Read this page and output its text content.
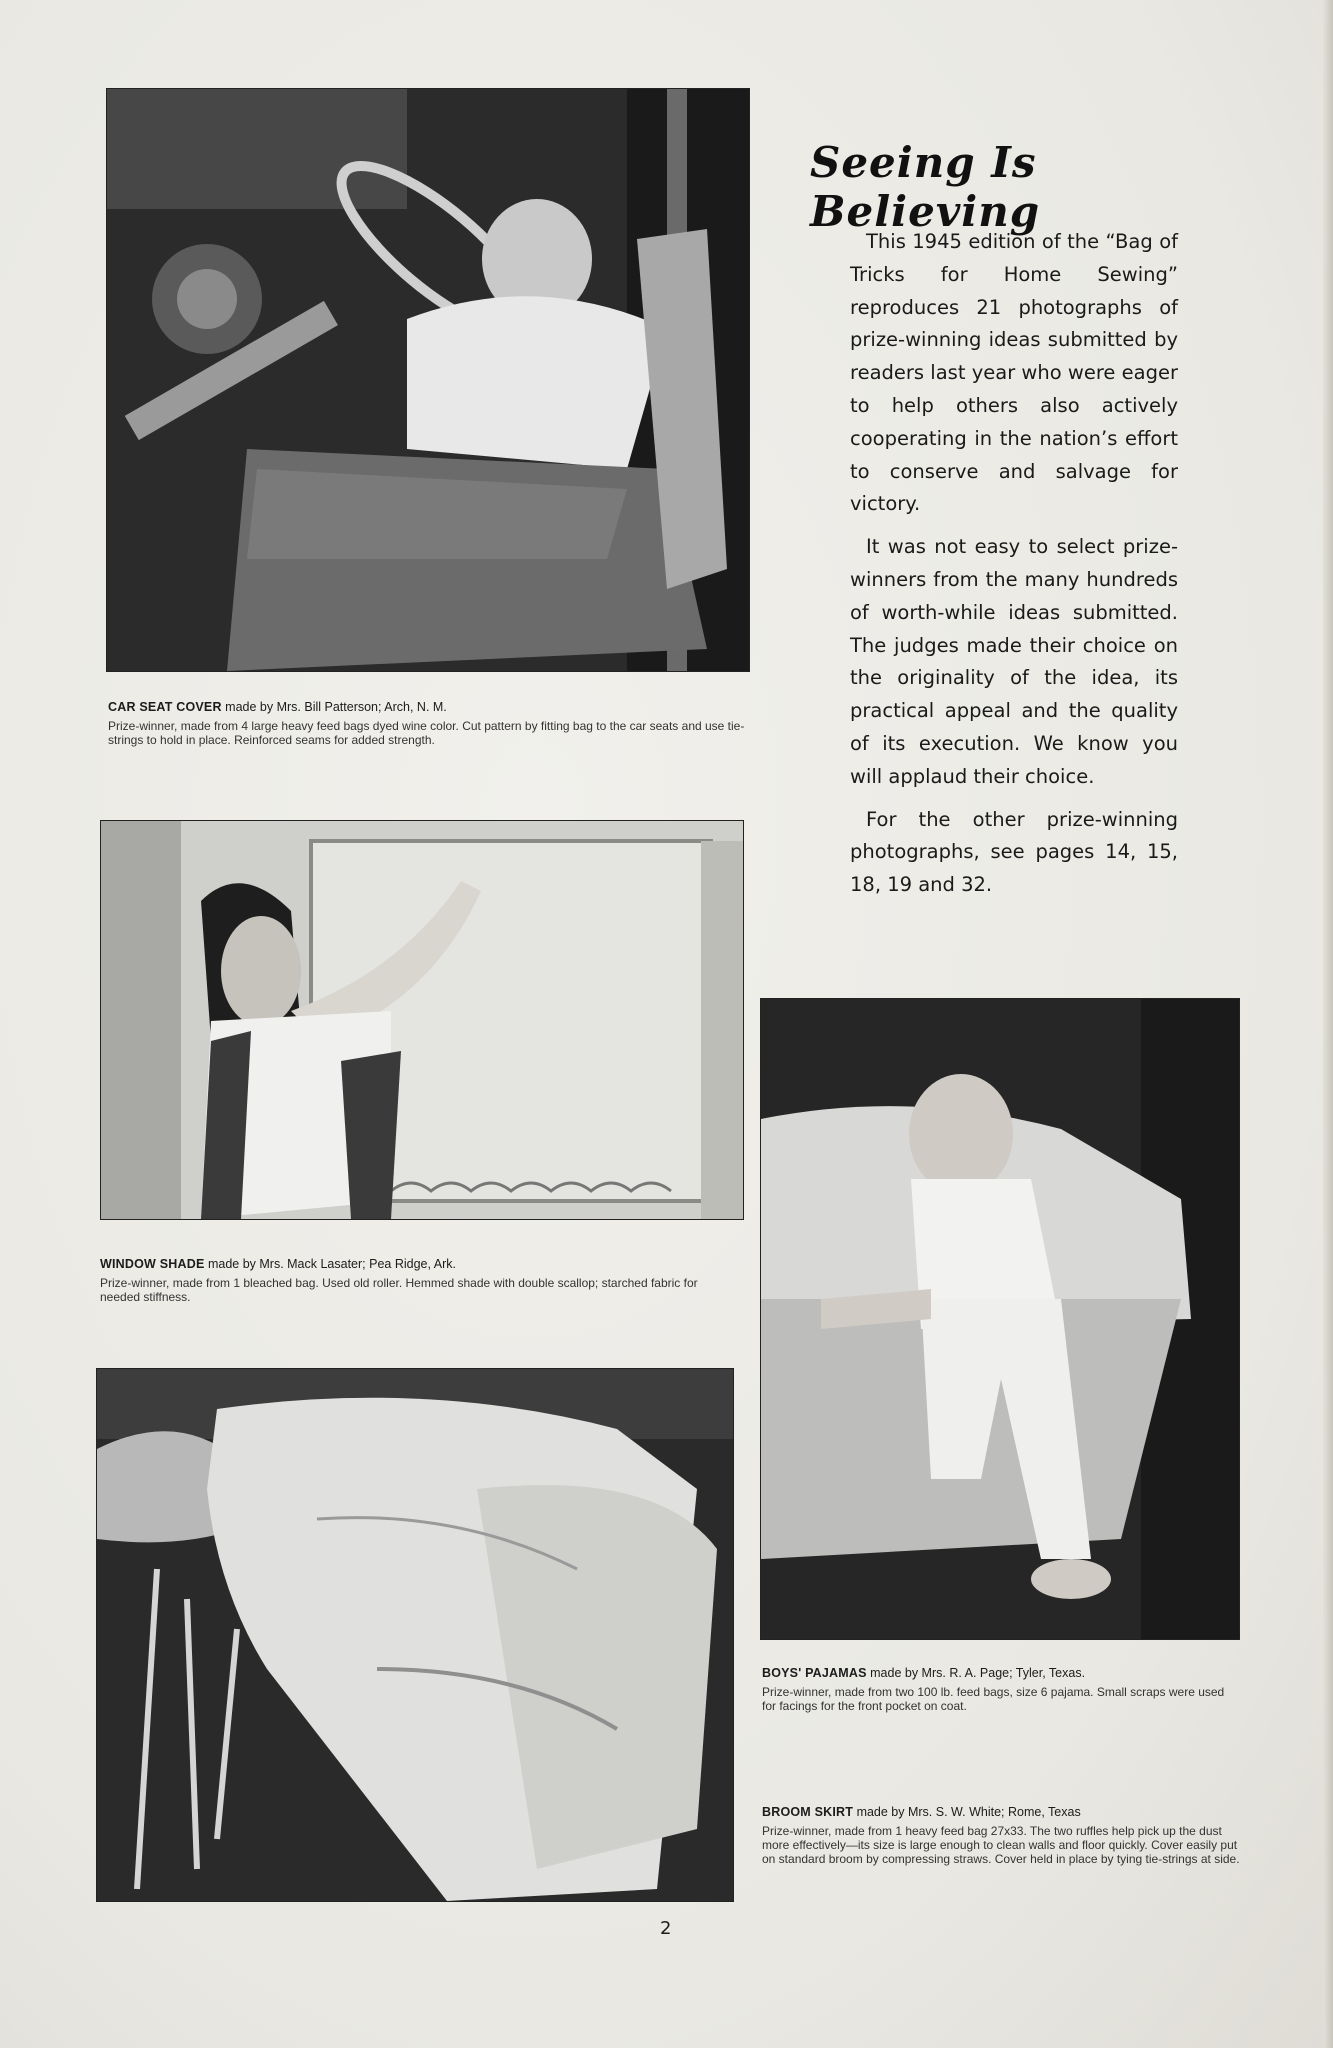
CAR SEAT COVER made by Mrs. Bill Patterson; Arch, N. M.
Prize-winner, made from 4 large heavy feed bags dyed wine color. Cut pattern by fitting bag to the car seats and use tie-strings to hold in place. Reinforced seams for added strength.
WINDOW SHADE made by Mrs. Mack Lasater; Pea Ridge, Ark.
Prize-winner, made from 1 bleached bag. Used old roller. Hemmed shade with double scallop; starched fabric for needed stiffness.
BOYS' PAJAMAS made by Mrs. R. A. Page; Tyler, Texas.
Prize-winner, made from two 100 lb. feed bags, size 6 pajama. Small scraps were used for facings for the front pocket on coat.
BROOM SKIRT made by Mrs. S. W. White; Rome, Texas
Prize-winner, made from 1 heavy feed bag 27x33. The two ruffles help pick up the dust more effectively—its size is large enough to clean walls and floor quickly. Cover easily put on standard broom by compressing straws. Cover held in place by tying tie-strings at side.
Seeing Is Believing

This 1945 edition of the “Bag of Tricks for Home Sewing” reproduces 21 photographs of prize-winning ideas submitted by readers last year who were eager to help others also actively cooperating in the nation’s effort to conserve and salvage for victory.

It was not easy to select prize-winners from the many hundreds of worth-while ideas submitted. The judges made their choice on the originality of the idea, its practical appeal and the quality of its execution. We know you will applaud their choice.

For the other prize-winning photographs, see pages 14, 15, 18, 19 and 32.

2
